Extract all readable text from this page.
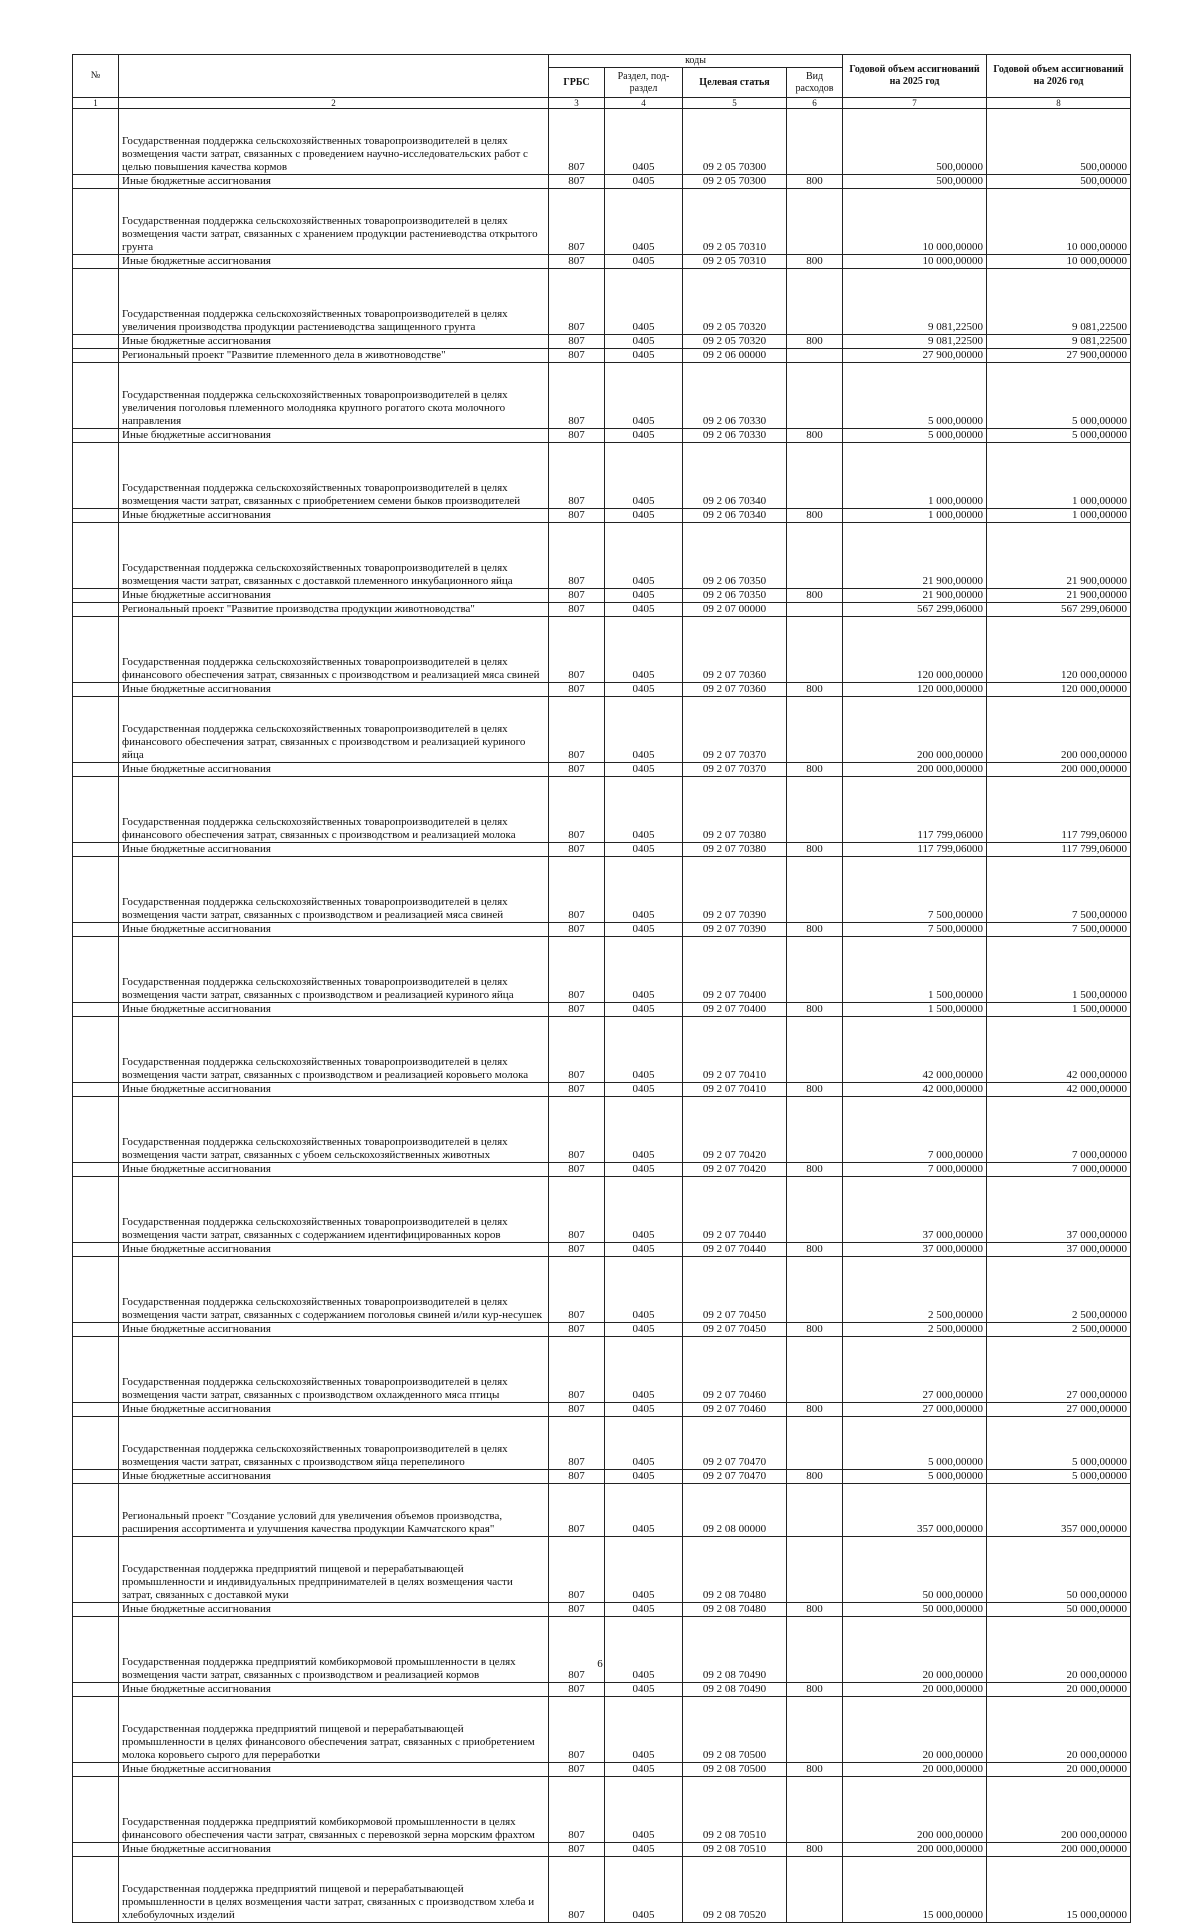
№		коды				Годовой объем ассигнований на 2025 год	Годовой объем ассигнований на 2026 год
		ГРБС	Раздел, под-раздел	Целевая статья	Вид расходов		
1	2	3	4	5	6	7	8
	Государственная поддержка сельскохозяйственных товаропроизводителей в целях возмещения части затрат, связанных с проведением научно-исследовательских работ с целью повышения качества кормов	807	0405	09 2 05 70300		500,00000	500,00000
	Иные бюджетные ассигнования	807	0405	09 2 05 70300	800	500,00000	500,00000
	Государственная поддержка сельскохозяйственных товаропроизводителей в целях возмещения части затрат, связанных с хранением продукции растениеводства открытого грунта	807	0405	09 2 05 70310		10 000,00000	10 000,00000
	Иные бюджетные ассигнования	807	0405	09 2 05 70310	800	10 000,00000	10 000,00000
	Государственная поддержка сельскохозяйственных товаропроизводителей в целях увеличения производства продукции растениеводства защищенного грунта	807	0405	09 2 05 70320		9 081,22500	9 081,22500
	Иные бюджетные ассигнования	807	0405	09 2 05 70320	800	9 081,22500	9 081,22500
	Региональный проект "Развитие племенного дела в животноводстве"	807	0405	09 2 06 00000		27 900,00000	27 900,00000
	Государственная поддержка сельскохозяйственных товаропроизводителей в целях увеличения поголовья племенного молодняка крупного рогатого скота молочного направления	807	0405	09 2 06 70330		5 000,00000	5 000,00000
	Иные бюджетные ассигнования	807	0405	09 2 06 70330	800	5 000,00000	5 000,00000
	Государственная поддержка сельскохозяйственных товаропроизводителей в целях возмещения части затрат, связанных с приобретением семени быков производителей	807	0405	09 2 06 70340		1 000,00000	1 000,00000
	Иные бюджетные ассигнования	807	0405	09 2 06 70340	800	1 000,00000	1 000,00000
	Государственная поддержка сельскохозяйственных товаропроизводителей в целях возмещения части затрат, связанных с доставкой племенного инкубационного яйца	807	0405	09 2 06 70350		21 900,00000	21 900,00000
	Иные бюджетные ассигнования	807	0405	09 2 06 70350	800	21 900,00000	21 900,00000
	Региональный проект "Развитие производства продукции животноводства"	807	0405	09 2 07 00000		567 299,06000	567 299,06000
	Государственная поддержка сельскохозяйственных товаропроизводителей в целях финансового обеспечения затрат, связанных с производством и реализацией мяса свиней	807	0405	09 2 07 70360		120 000,00000	120 000,00000
	Иные бюджетные ассигнования	807	0405	09 2 07 70360	800	120 000,00000	120 000,00000
	Государственная поддержка сельскохозяйственных товаропроизводителей в целях финансового обеспечения затрат, связанных с производством и реализацией куриного яйца	807	0405	09 2 07 70370		200 000,00000	200 000,00000
	Иные бюджетные ассигнования	807	0405	09 2 07 70370	800	200 000,00000	200 000,00000
	Государственная поддержка сельскохозяйственных товаропроизводителей в целях финансового обеспечения затрат, связанных с производством и реализацией молока	807	0405	09 2 07 70380		117 799,06000	117 799,06000
	Иные бюджетные ассигнования	807	0405	09 2 07 70380	800	117 799,06000	117 799,06000
	Государственная поддержка сельскохозяйственных товаропроизводителей в целях возмещения части затрат, связанных с производством и реализацией мяса свиней	807	0405	09 2 07 70390		7 500,00000	7 500,00000
	Иные бюджетные ассигнования	807	0405	09 2 07 70390	800	7 500,00000	7 500,00000
	Государственная поддержка сельскохозяйственных товаропроизводителей в целях возмещения части затрат, связанных с производством и реализацией куриного яйца	807	0405	09 2 07 70400		1 500,00000	1 500,00000
	Иные бюджетные ассигнования	807	0405	09 2 07 70400	800	1 500,00000	1 500,00000
	Государственная поддержка сельскохозяйственных товаропроизводителей в целях возмещения части затрат, связанных с производством и реализацией коровьего молока	807	0405	09 2 07 70410		42 000,00000	42 000,00000
	Иные бюджетные ассигнования	807	0405	09 2 07 70410	800	42 000,00000	42 000,00000
	Государственная поддержка сельскохозяйственных товаропроизводителей в целях возмещения части затрат, связанных с убоем сельскохозяйственных животных	807	0405	09 2 07 70420		7 000,00000	7 000,00000
	Иные бюджетные ассигнования	807	0405	09 2 07 70420	800	7 000,00000	7 000,00000
	Государственная поддержка сельскохозяйственных товаропроизводителей в целях возмещения части затрат, связанных с содержанием идентифицированных коров	807	0405	09 2 07 70440		37 000,00000	37 000,00000
	Иные бюджетные ассигнования	807	0405	09 2 07 70440	800	37 000,00000	37 000,00000
	Государственная поддержка сельскохозяйственных товаропроизводителей в целях возмещения части затрат, связанных с содержанием поголовья свиней и/или кур-несушек	807	0405	09 2 07 70450		2 500,00000	2 500,00000
	Иные бюджетные ассигнования	807	0405	09 2 07 70450	800	2 500,00000	2 500,00000
	Государственная поддержка сельскохозяйственных товаропроизводителей в целях возмещения части затрат, связанных с производством охлажденного мяса птицы	807	0405	09 2 07 70460		27 000,00000	27 000,00000
	Иные бюджетные ассигнования	807	0405	09 2 07 70460	800	27 000,00000	27 000,00000
	Государственная поддержка сельскохозяйственных товаропроизводителей в целях возмещения части затрат, связанных с производством яйца перепелиного	807	0405	09 2 07 70470		5 000,00000	5 000,00000
	Иные бюджетные ассигнования	807	0405	09 2 07 70470	800	5 000,00000	5 000,00000
	Региональный проект "Создание условий для увеличения объемов производства, расширения ассортимента и улучшения качества продукции Камчатского края"	807	0405	09 2 08 00000		357 000,00000	357 000,00000
	Государственная поддержка предприятий пищевой и перерабатывающей промышленности и индивидуальных предпринимателей в целях возмещения части затрат, связанных с доставкой муки	807	0405	09 2 08 70480		50 000,00000	50 000,00000
	Иные бюджетные ассигнования	807	0405	09 2 08 70480	800	50 000,00000	50 000,00000
	Государственная поддержка предприятий комбикормовой промышленности в целях возмещения части затрат, связанных с производством и реализацией кормов	807	0405	09 2 08 70490		20 000,00000	20 000,00000
	Иные бюджетные ассигнования	807	0405	09 2 08 70490	800	20 000,00000	20 000,00000
	Государственная поддержка предприятий пищевой и перерабатывающей промышленности в целях финансового обеспечения затрат, связанных с приобретением молока коровьего сырого для переработки	807	0405	09 2 08 70500		20 000,00000	20 000,00000
	Иные бюджетные ассигнования	807	0405	09 2 08 70500	800	20 000,00000	20 000,00000
	Государственная поддержка предприятий комбикормовой промышленности в целях финансового обеспечения части затрат, связанных с перевозкой зерна морским фрахтом	807	0405	09 2 08 70510		200 000,00000	200 000,00000
	Иные бюджетные ассигнования	807	0405	09 2 08 70510	800	200 000,00000	200 000,00000
	Государственная поддержка предприятий пищевой и перерабатывающей промышленности в целях возмещения части затрат, связанных с производством хлеба и хлебобулочных изделий	807	0405	09 2 08 70520		15 000,00000	15 000,00000
6
